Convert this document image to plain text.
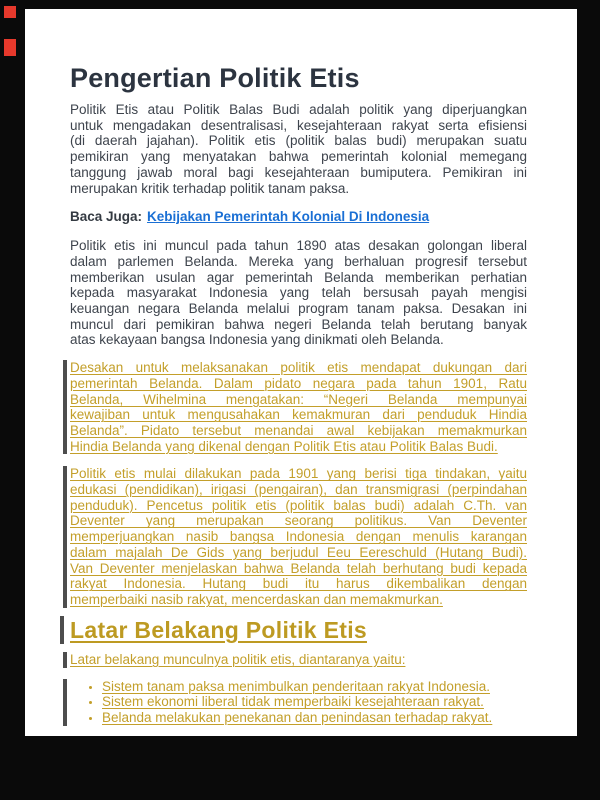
Pengertian Politik Etis
Politik Etis atau Politik Balas Budi adalah politik yang diperjuangkan
untuk mengadakan desentralisasi, kesejahteraan rakyat serta efisiensi
(di daerah jajahan). Politik etis (politik balas budi) merupakan suatu
pemikiran yang menyatakan bahwa pemerintah kolonial memegang
tanggung jawab moral bagi kesejahteraan bumiputera. Pemikiran ini
merupakan kritik terhadap politik tanam paksa.
Baca Juga: Kebijakan Pemerintah Kolonial Di Indonesia
Politik etis ini muncul pada tahun 1890 atas desakan golongan liberal
dalam parlemen Belanda. Mereka yang berhaluan progresif tersebut
memberikan usulan agar pemerintah Belanda memberikan perhatian
kepada masyarakat Indonesia yang telah bersusah payah mengisi
keuangan negara Belanda melalui program tanam paksa. Desakan ini
muncul dari pemikiran bahwa negeri Belanda telah berutang banyak
atas kekayaan bangsa Indonesia yang dinikmati oleh Belanda.
Desakan untuk melaksanakan politik etis mendapat dukungan dari
pemerintah Belanda. Dalam pidato negara pada tahun 1901, Ratu
Belanda, Wihelmina mengatakan: “Negeri Belanda mempunyai
kewajiban untuk mengusahakan kemakmuran dari penduduk Hindia
Belanda”. Pidato tersebut menandai awal kebijakan memakmurkan
Hindia Belanda yang dikenal dengan Politik Etis atau Politik Balas Budi.
Politik etis mulai dilakukan pada 1901 yang berisi tiga tindakan, yaitu
edukasi (pendidikan), irigasi (pengairan), dan transmigrasi (perpindahan
penduduk). Pencetus politik etis (politik balas budi) adalah C.Th. van
Deventer yang merupakan seorang politikus. Van Deventer
memperjuangkan nasib bangsa Indonesia dengan menulis karangan
dalam majalah De Gids yang berjudul Eeu Eereschuld (Hutang Budi).
Van Deventer menjelaskan bahwa Belanda telah berhutang budi kepada
rakyat Indonesia. Hutang budi itu harus dikembalikan dengan
memperbaiki nasib rakyat, mencerdaskan dan memakmurkan.
Latar Belakang Politik Etis
Latar belakang munculnya politik etis, diantaranya yaitu:
• Sistem tanam paksa menimbulkan penderitaan rakyat Indonesia.
• Sistem ekonomi liberal tidak memperbaiki kesejahteraan rakyat.
• Belanda melakukan penekanan dan penindasan terhadap rakyat.
